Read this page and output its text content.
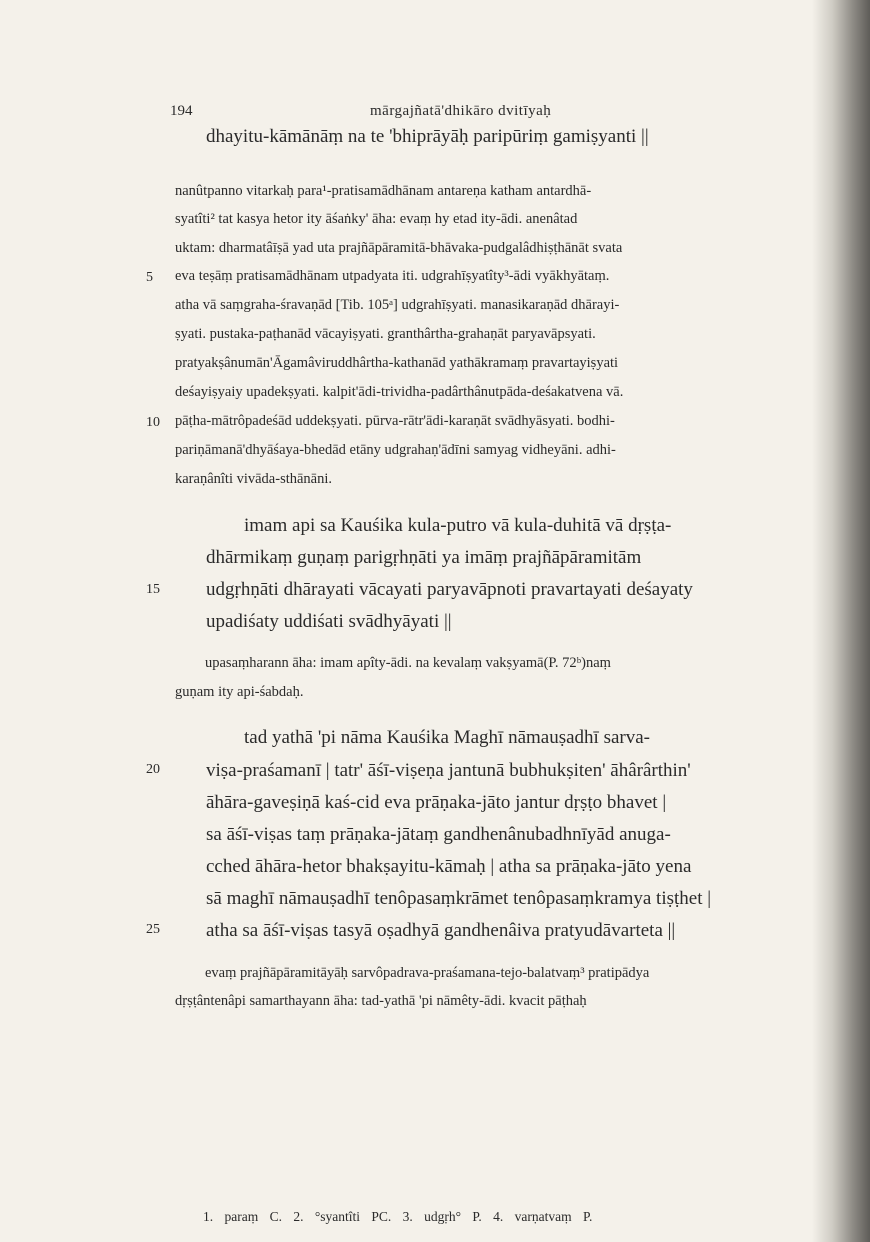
194	mārgajñatā'dhikāro dvitīyaḥ
dhayitu-kāmānāṃ na te 'bhiprāyāḥ paripūriṃ gamiṣyanti ||
nanûtpanno vitarkaḥ para¹-pratisamādhānam antareṇa katham antardhā-
syatîti² tat kasya hetor ity āśaṅky' āha: evaṃ hy etad ity-ādi. anenâtad
uktam: dharmatâīṣā yad uta prajñāpāramitā-bhāvaka-pudgalâdhiṣṭhānāt svata
eva teṣāṃ pratisamādhānam utpadyata iti. udgrahīṣyatîty³-ādi vyākhyātaṃ.
atha vā saṃgraha-śravaṇād [Tib. 105ᵃ] udgrahīṣyati. manasikaraṇād dhārayi-
ṣyati. pustaka-paṭhanād vācayiṣyati. granthârtha-grahaṇāt paryavāpsyati.
pratyakṣânumān'Āgamâviruddhârtha-kathanād yathākramaṃ pravartayiṣyati
deśayiṣyaiy upadekṣyati. kalpit'ādi-trividha-padârthânutpāda-deśakatvena vā.
pāṭha-mātrôpadeśād uddekṣyati. pūrva-rātr'ādi-karaṇāt svādhyāsyati. bodhi-
pariṇāmanā'dhyāśaya-bhedād etāny udgrahaṇ'ādīni samyag vidheyāni. adhi-
karaṇânîti vivāda-sthānāni.
imam api sa Kauśika kula-putro vā kula-duhitā vā dṛṣṭa-
dhārmikaṃ guṇaṃ parigṛhṇāti ya imāṃ prajñāpāramitām
udgṛhṇāti dhārayati vācayati paryavāpnoti pravartayati deśayaty
upadiśaty uddiśati svādhyāyati ||
upasaṃharann āha: imam apîty-ādi. na kevalaṃ vakṣyamā(P. 72ᵇ)naṃ
guṇam ity api-śabdaḥ.
tad yathā 'pi nāma Kauśika Maghī nāmauṣadhī sarva-
viṣa-praśamanī | tatr' āśī-viṣeṇa jantunā bubhukṣiten' āhârârthin'
āhāra-gaveṣiṇā kaś-cid eva prāṇaka-jāto jantur dṛṣṭo bhavet |
sa āśī-viṣas taṃ prāṇaka-jātaṃ gandhenânubadhnīyād anuga-
cched āhāra-hetor bhakṣayitu-kāmaḥ | atha sa prāṇaka-jāto yena
sā maghī nāmauṣadhī tenôpasaṃkrāmet tenôpasaṃkramya tiṣṭhet |
atha sa āśī-viṣas tasyā oṣadhyā gandhenâiva pratyudāvarteta ||
evaṃ prajñāpāramitāyāḥ sarvôpadrava-praśamana-tejo-balatvaṃ³ pratipādya
dṛṣṭântenâpi samarthayann āha: tad-yathā 'pi nāmêty-ādi. kvacit pāṭhaḥ
5
10
15
20
25
1. paraṃ C. 2. °syantîti PC. 3. udgṛh° P. 4. varṇatvaṃ P.
